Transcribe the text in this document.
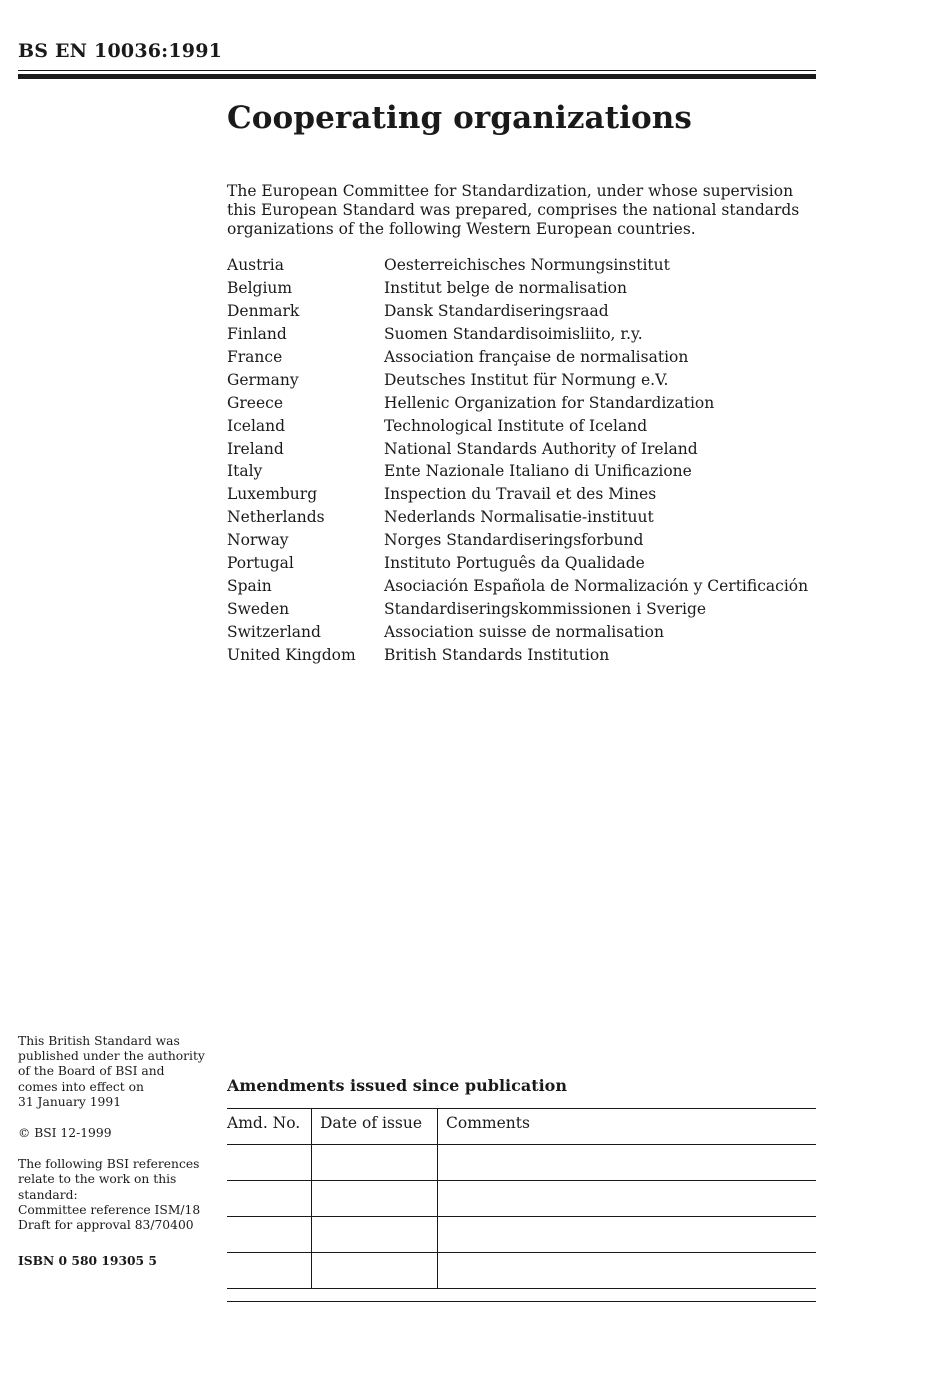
BS EN 10036:1991
Cooperating organizations

The European Committee for Standardization, under whose supervision this European Standard was prepared, comprises the national standards organizations of the following Western European countries.

Austria	Oesterreichisches Normungsinstitut
Belgium	Institut belge de normalisation
Denmark	Dansk Standardiseringsraad
Finland	Suomen Standardisoimisliito, r.y.
France	Association française de normalisation
Germany	Deutsches Institut für Normung e.V.
Greece	Hellenic Organization for Standardization
Iceland	Technological Institute of Iceland
Ireland	National Standards Authority of Ireland
Italy	Ente Nazionale Italiano di Unificazione
Luxemburg	Inspection du Travail et des Mines
Netherlands	Nederlands Normalisatie-instituut
Norway	Norges Standardiseringsforbund
Portugal	Instituto Português da Qualidade
Spain	Asociación Española de Normalización y Certificación
Sweden	Standardiseringskommissionen i Sverige
Switzerland	Association suisse de normalisation
United Kingdom	British Standards Institution

This British Standard was
published under the authority
of the Board of BSI and
comes into effect on
31 January 1991

© BSI 12-1999

The following BSI references
relate to the work on this
standard:
Committee reference ISM/18
Draft for approval 83/70400

ISBN 0 580 19305 5

Amendments issued since publication
Amd. No.	Date of issue	Comments
